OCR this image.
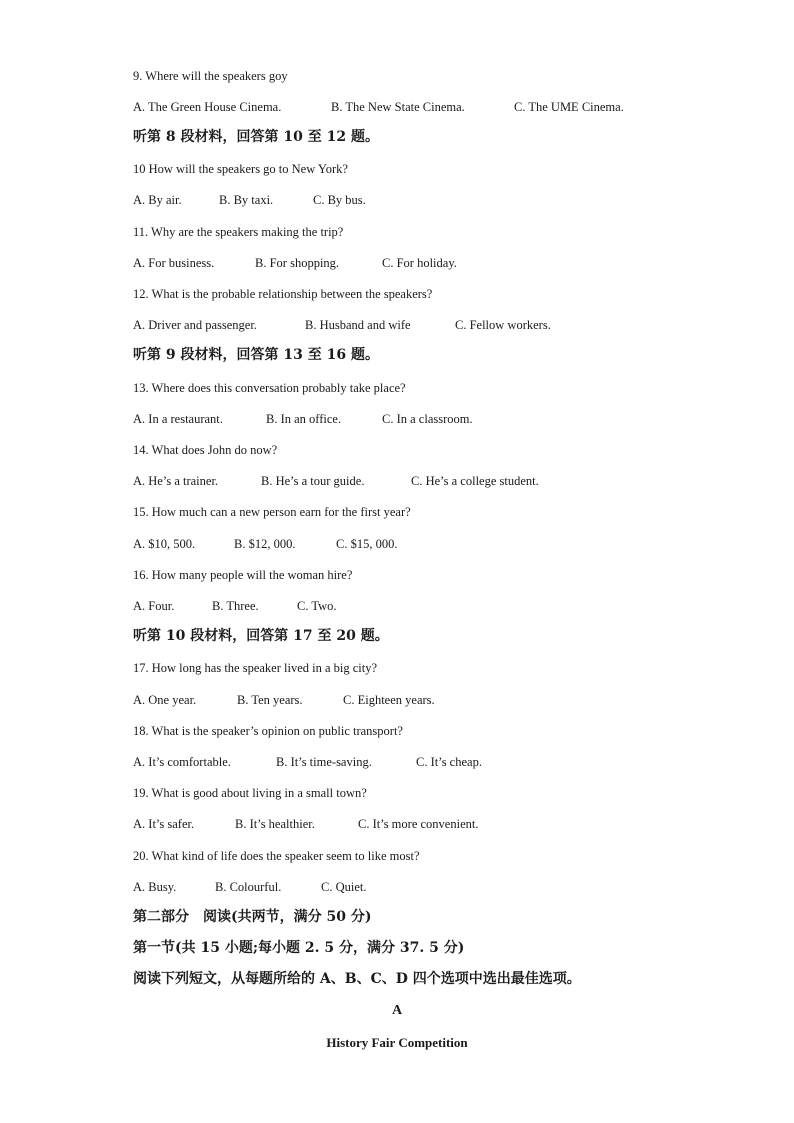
9. Where will the speakers goy
A. The Green House Cinema.	B. The New State Cinema.	C. The UME Cinema.
听第 8 段材料，回答第 10 至 12 题。
10 How will the speakers go to New York?
A. By air.	B. By taxi.	C. By bus.
11. Why are the speakers making the trip?
A. For business.	B. For shopping.	C. For holiday.
12. What is the probable relationship between the speakers?
A. Driver and passenger.	B. Husband and wife	C. Fellow workers.
听第 9 段材料，回答第 13 至 16 题。
13. Where does this conversation probably take place?
A. In a restaurant.	B. In an office.	C. In a classroom.
14. What does John do now?
A. He’s a trainer.	B. He’s a tour guide.	C. He’s a college student.
15. How much can a new person earn for the first year?
A. $10, 500.	B. $12, 000.	C. $15, 000.
16. How many people will the woman hire?
A. Four.	B. Three.	C. Two.
听第 10 段材料，回答第 17 至 20 题。
17. How long has the speaker lived in a big city?
A. One year.	B. Ten years.	C. Eighteen years.
18. What is the speaker’s opinion on public transport?
A. It’s comfortable.	B. It’s time-saving.	C. It’s cheap.
19. What is good about living in a small town?
A. It’s safer.	B. It’s healthier.	C. It’s more convenient.
20. What kind of life does the speaker seem to like most?
A. Busy.	B. Colourful.	C. Quiet.
第二部分　阅读(共两节，满分 50 分)
第一节(共 15 小题;每小题 2. 5 分，满分 37. 5 分)
阅读下列短文，从每题所给的 A、B、C、D 四个选项中选出最佳选项。
A
History Fair Competition
